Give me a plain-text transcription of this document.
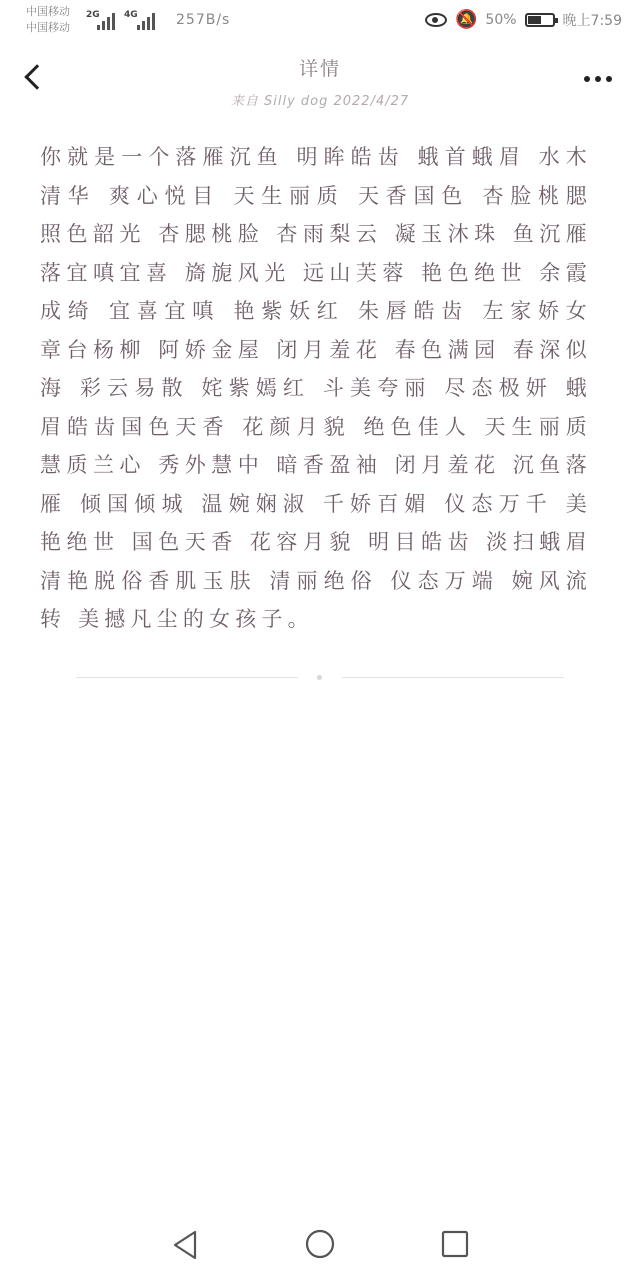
中国移动
中国移动
2G	4G	257B/s	🔕 50%	晚上7:59
详情
来自 Silly dog 2022/4/27

你就是一个落雁沉鱼 明眸皓齿 蛾首蛾眉 水木清华 爽心悦目 天生丽质 天香国色 杏脸桃腮 照色韶光 杏腮桃脸 杏雨梨云 凝玉沐珠 鱼沉雁落宜嗔宜喜 旖旎风光 远山芙蓉 艳色绝世 余霞成绮 宜喜宜嗔 艳紫妖红 朱唇皓齿 左家娇女 章台杨柳 阿娇金屋 闭月羞花 春色满园 春深似海 彩云易散 姹紫嫣红 斗美夸丽 尽态极妍 蛾眉皓齿国色天香 花颜月貌 绝色佳人 天生丽质 慧质兰心 秀外慧中 暗香盈袖 闭月羞花 沉鱼落雁 倾国倾城 温婉娴淑 千娇百媚 仪态万千 美艳绝世 国色天香 花容月貌 明目皓齿 淡扫蛾眉 清艳脱俗香肌玉肤 清丽绝俗 仪态万端 婉风流转 美撼凡尘的女孩子。
